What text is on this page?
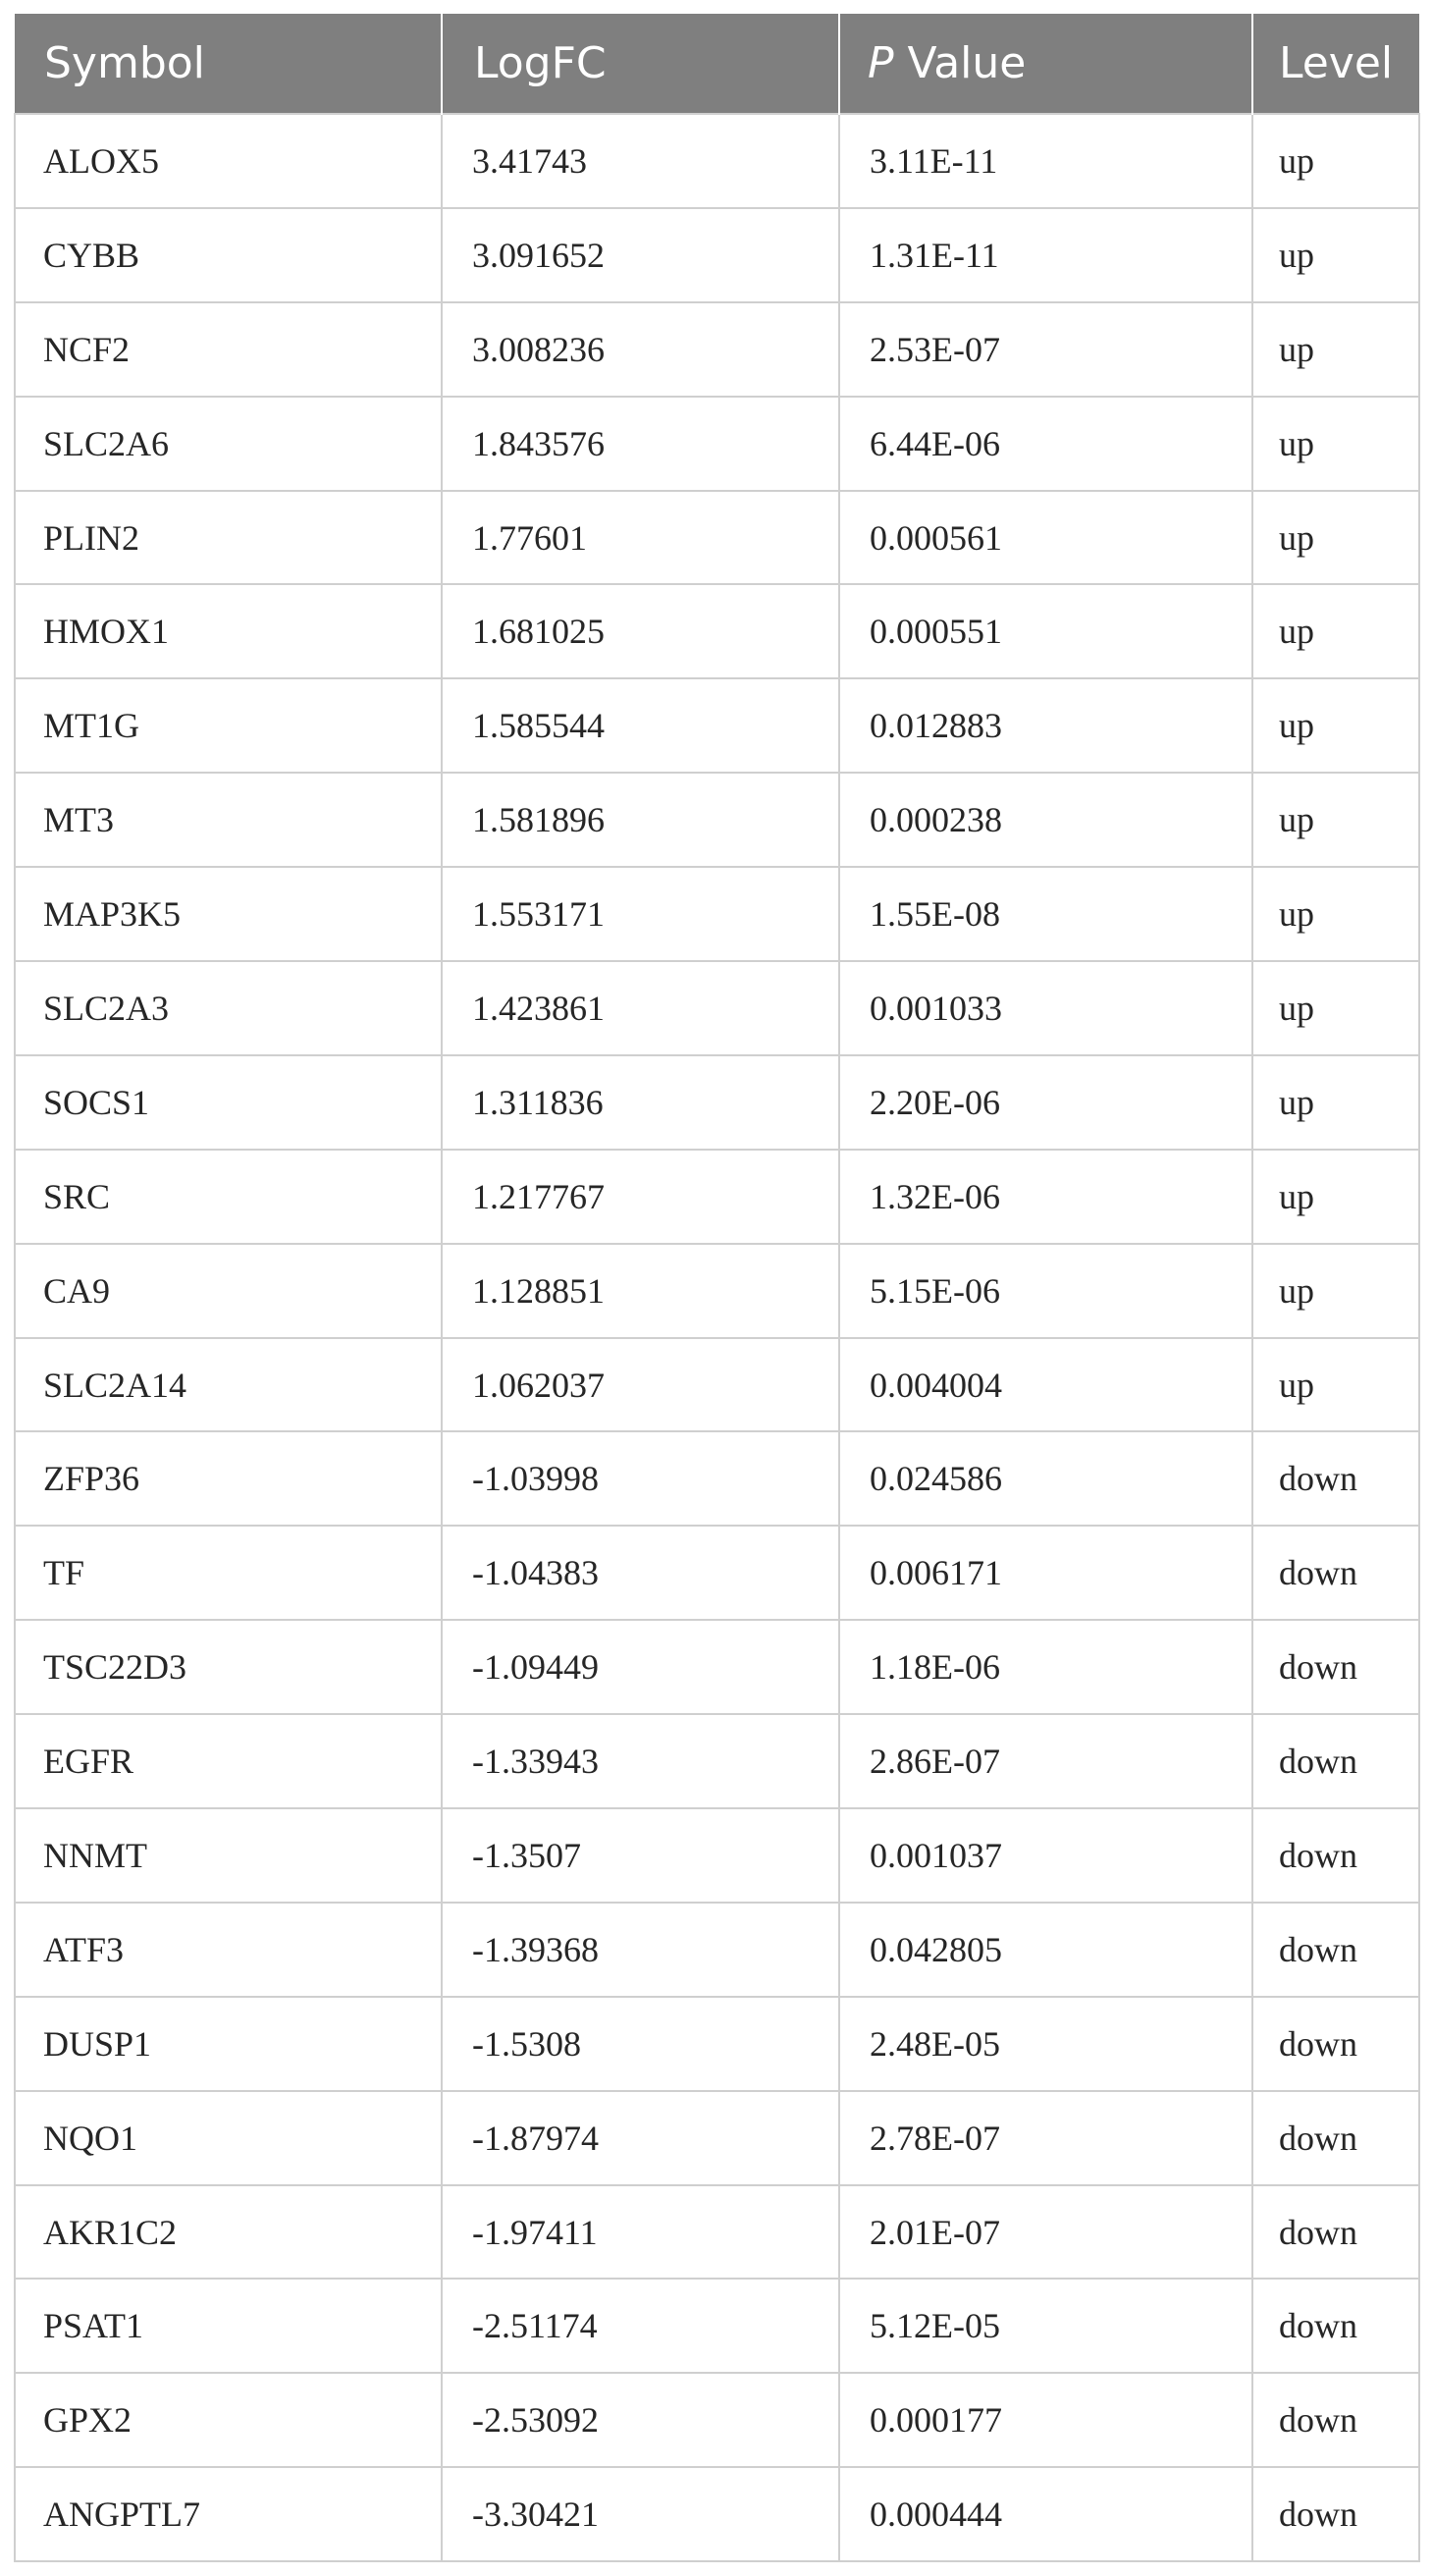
Symbol	LogFC	P Value	Level
ALOX5	3.41743	3.11E-11	up
CYBB	3.091652	1.31E-11	up
NCF2	3.008236	2.53E-07	up
SLC2A6	1.843576	6.44E-06	up
PLIN2	1.77601	0.000561	up
HMOX1	1.681025	0.000551	up
MT1G	1.585544	0.012883	up
MT3	1.581896	0.000238	up
MAP3K5	1.553171	1.55E-08	up
SLC2A3	1.423861	0.001033	up
SOCS1	1.311836	2.20E-06	up
SRC	1.217767	1.32E-06	up
CA9	1.128851	5.15E-06	up
SLC2A14	1.062037	0.004004	up
ZFP36	-1.03998	0.024586	down
TF	-1.04383	0.006171	down
TSC22D3	-1.09449	1.18E-06	down
EGFR	-1.33943	2.86E-07	down
NNMT	-1.3507	0.001037	down
ATF3	-1.39368	0.042805	down
DUSP1	-1.5308	2.48E-05	down
NQO1	-1.87974	2.78E-07	down
AKR1C2	-1.97411	2.01E-07	down
PSAT1	-2.51174	5.12E-05	down
GPX2	-2.53092	0.000177	down
ANGPTL7	-3.30421	0.000444	down
